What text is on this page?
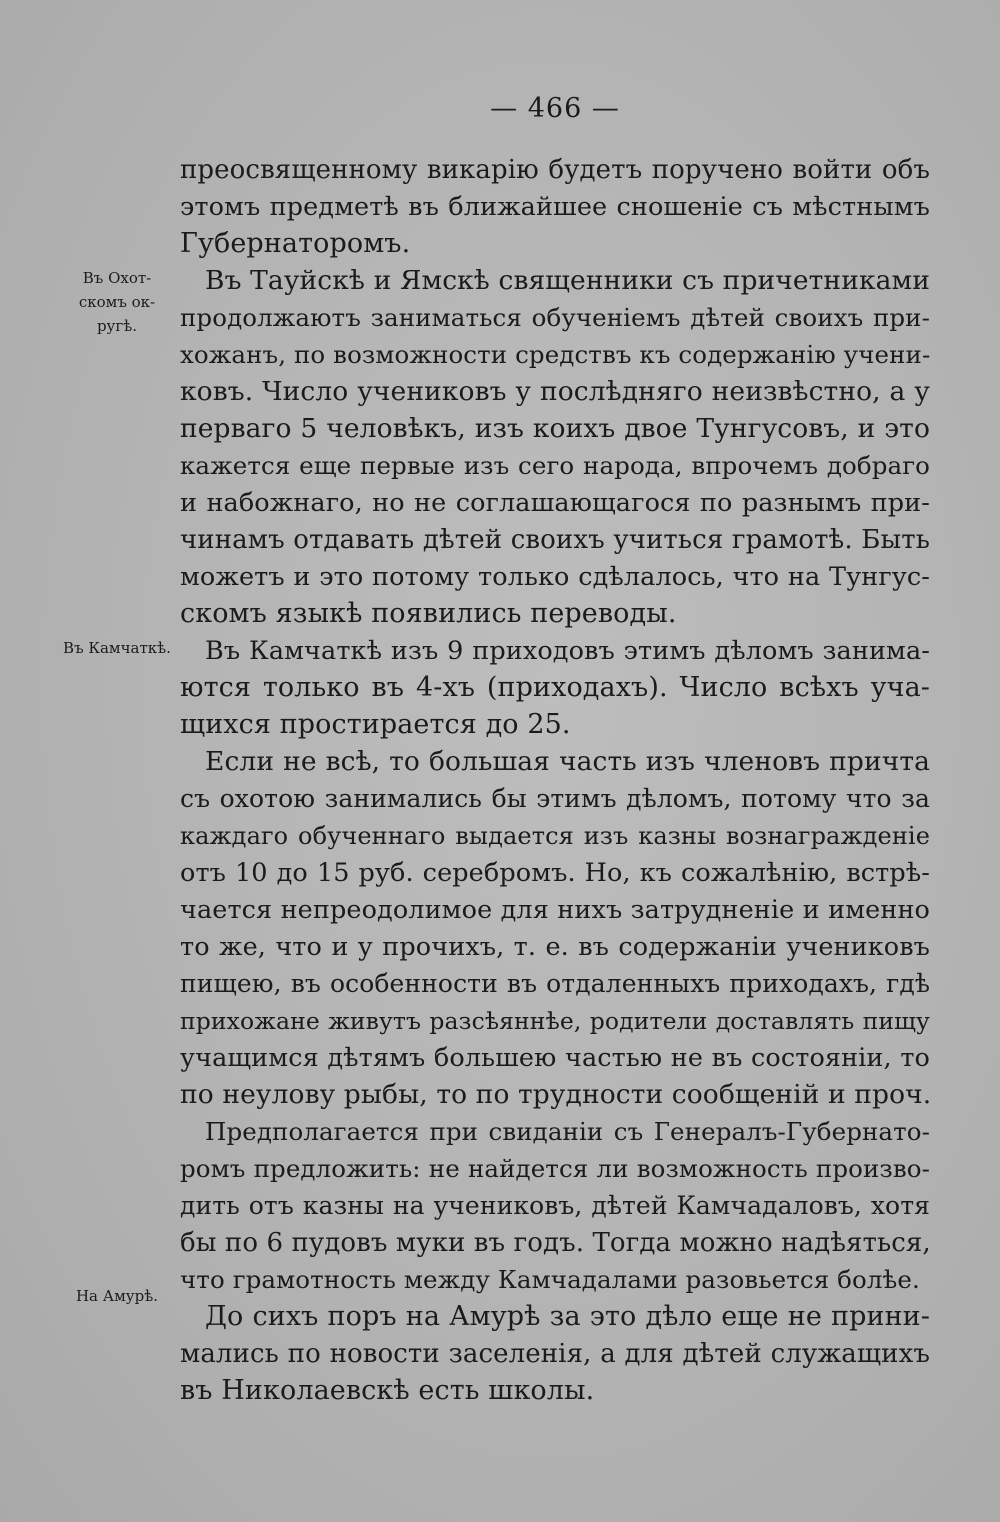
— 466 —
Въ Охот-
скомъ ок-
ругѣ.
Въ Камчаткѣ.
На Амурѣ.
преосвященному викарію будетъ поручено войти объ
этомъ предметѣ въ ближайшее сношеніе съ мѣстнымъ
Губернаторомъ.
Въ Тауйскѣ и Ямскѣ священники съ причетниками
продолжаютъ заниматься обученіемъ дѣтей своихъ при-
хожанъ, по возможности средствъ къ содержанію учени-
ковъ. Число учениковъ у послѣдняго неизвѣстно, а у
перваго 5 человѣкъ, изъ коихъ двое Тунгусовъ, и это
кажется еще первые изъ сего народа, впрочемъ добраго
и набожнаго, но не соглашающагося по разнымъ при-
чинамъ отдавать дѣтей своихъ учиться грамотѣ. Быть
можетъ и это потому только сдѣлалось, что на Тунгус-
скомъ языкѣ появились переводы.
Въ Камчаткѣ изъ 9 приходовъ этимъ дѣломъ занима-
ются только въ 4-хъ (приходахъ). Число всѣхъ уча-
щихся простирается до 25.
Если не всѣ, то большая часть изъ членовъ причта
съ охотою занимались бы этимъ дѣломъ, потому что за
каждаго обученнаго выдается изъ казны вознагражденіе
отъ 10 до 15 руб. серебромъ. Но, къ сожалѣнію, встрѣ-
чается непреодолимое для нихъ затрудненіе и именно
то же, что и у прочихъ, т. е. въ содержаніи учениковъ
пищею, въ особенности въ отдаленныхъ приходахъ, гдѣ
прихожане живутъ разсѣяннѣе, родители доставлять пищу
учащимся дѣтямъ большею частью не въ состояніи, то
по неулову рыбы, то по трудности сообщеній и проч.
Предполагается при свиданіи съ Генералъ-Губернато-
ромъ предложить: не найдется ли возможность произво-
дить отъ казны на учениковъ, дѣтей Камчадаловъ, хотя
бы по 6 пудовъ муки въ годъ. Тогда можно надѣяться,
что грамотность между Камчадалами разовьется болѣе.
До сихъ поръ на Амурѣ за это дѣло еще не прини-
мались по новости заселенія, а для дѣтей служащихъ
въ Николаевскѣ есть школы.
